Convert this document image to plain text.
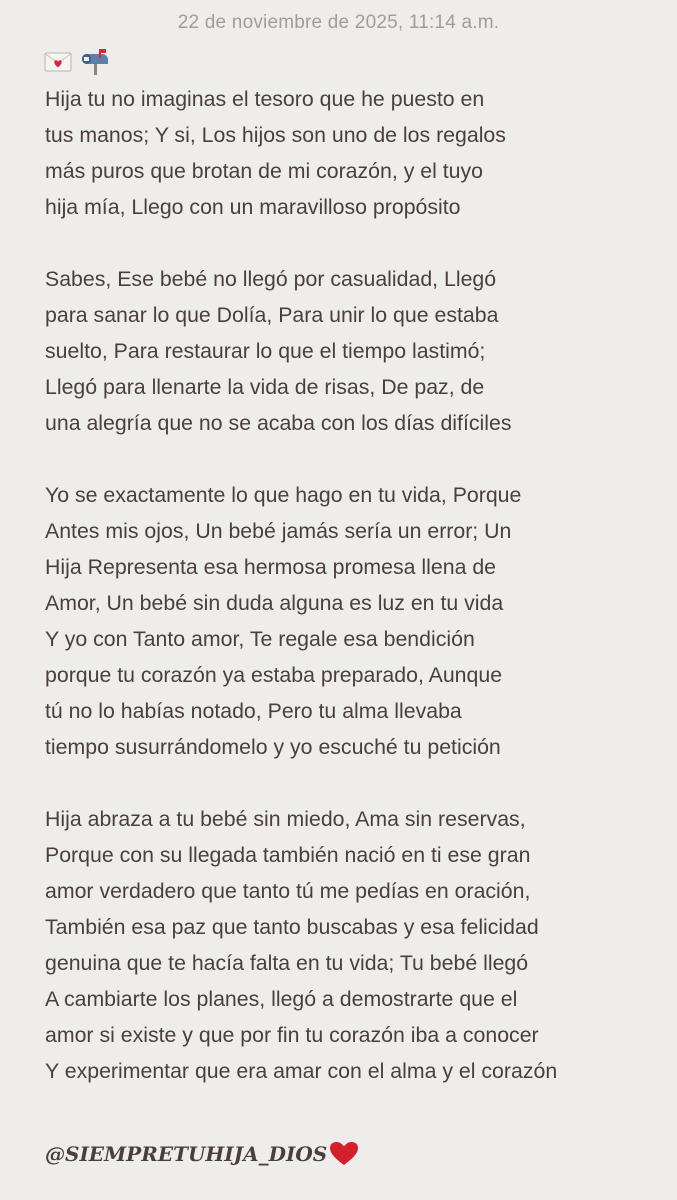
22 de noviembre de 2025, 11:14 a.m.
Hija tu no imaginas el tesoro que he puesto en
tus manos; Y si, Los hijos son uno de los regalos
más puros que brotan de mi corazón, y el tuyo
hija mía, Llego con un maravilloso propósito
Sabes, Ese bebé no llegó por casualidad, Llegó
para sanar lo que Dolía, Para unir lo que estaba
suelto, Para restaurar lo que el tiempo lastimó;
Llegó para llenarte la vida de risas, De paz, de
una alegría que no se acaba con los días difíciles
Yo se exactamente lo que hago en tu vida, Porque
Antes mis ojos, Un bebé jamás sería un error; Un
Hija Representa esa hermosa promesa llena de
Amor, Un bebé sin duda alguna es luz en tu vida
Y yo con Tanto amor, Te regale esa bendición
porque tu corazón ya estaba preparado, Aunque
tú no lo habías notado, Pero tu alma llevaba
tiempo susurrándomelo y yo escuché tu petición
Hija abraza a tu bebé sin miedo, Ama sin reservas,
Porque con su llegada también nació en ti ese gran
amor verdadero que tanto tú me pedías en oración,
También esa paz que tanto buscabas y esa felicidad
genuina que te hacía falta en tu vida; Tu bebé llegó
A cambiarte los planes, llegó a demostrarte que el
amor si existe y que por fin tu corazón iba a conocer
Y experimentar que era amar con el alma y el corazón
@SIEMPRETUHIJA_DIOS
